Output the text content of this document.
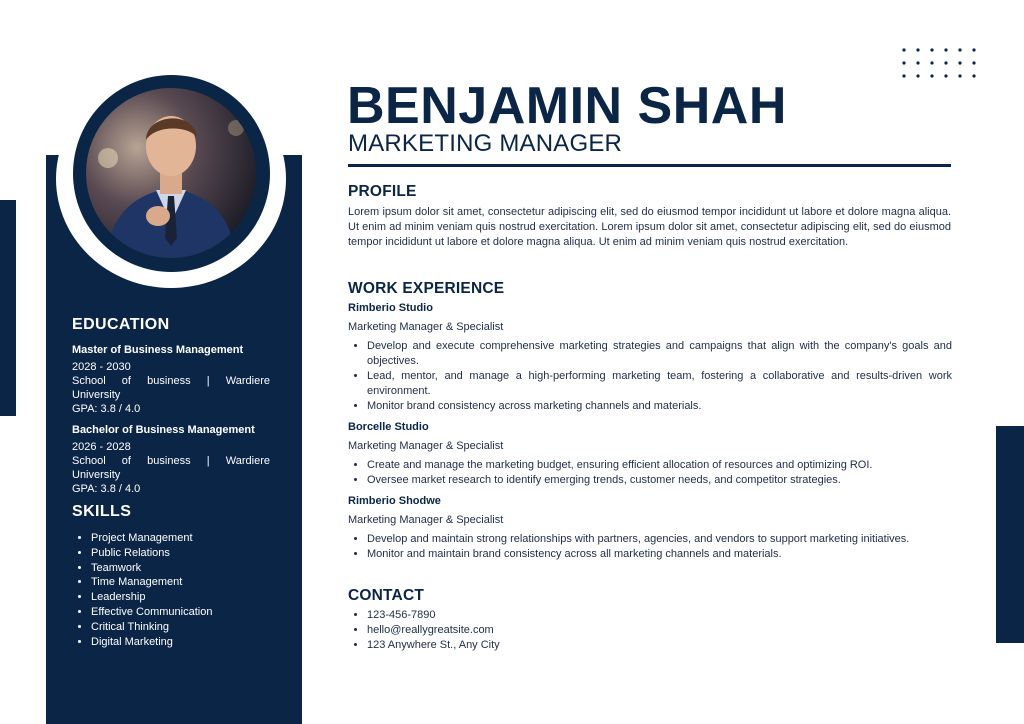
EDUCATION

Master of Business Management

2028 - 2030

School of business | Wardiere

University

GPA: 3.8 / 4.0

Bachelor of Business Management

2026 - 2028

School of business | Wardiere

University

GPA: 3.8 / 4.0

SKILLS
• Project Management
• Public Relations
• Teamwork
• Time Management
• Leadership
• Effective Communication
• Critical Thinking
• Digital Marketing
BENJAMIN SHAH

MARKETING MANAGER

PROFILE

Lorem ipsum dolor sit amet, consectetur adipiscing elit, sed do eiusmod tempor incididunt ut labore et dolore magna aliqua. Ut enim ad minim veniam quis nostrud exercitation. Lorem ipsum dolor sit amet, consectetur adipiscing elit, sed do eiusmod tempor incididunt ut labore et dolore magna aliqua. Ut enim ad minim veniam quis nostrud exercitation.

WORK EXPERIENCE

Rimberio Studio

Marketing Manager & Specialist

• Develop and execute comprehensive marketing strategies and campaigns that align with the company's goals and objectives.
• Lead, mentor, and manage a high-performing marketing team, fostering a collaborative and results-driven work environment.
• Monitor brand consistency across marketing channels and materials.

Borcelle Studio

Marketing Manager & Specialist

• Create and manage the marketing budget, ensuring efficient allocation of resources and optimizing ROI.
• Oversee market research to identify emerging trends, customer needs, and competitor strategies.

Rimberio Shodwe

Marketing Manager & Specialist

• Develop and maintain strong relationships with partners, agencies, and vendors to support marketing initiatives.
• Monitor and maintain brand consistency across all marketing channels and materials.
CONTACT
• 123-456-7890
• hello@reallygreatsite.com
• 123 Anywhere St., Any City
